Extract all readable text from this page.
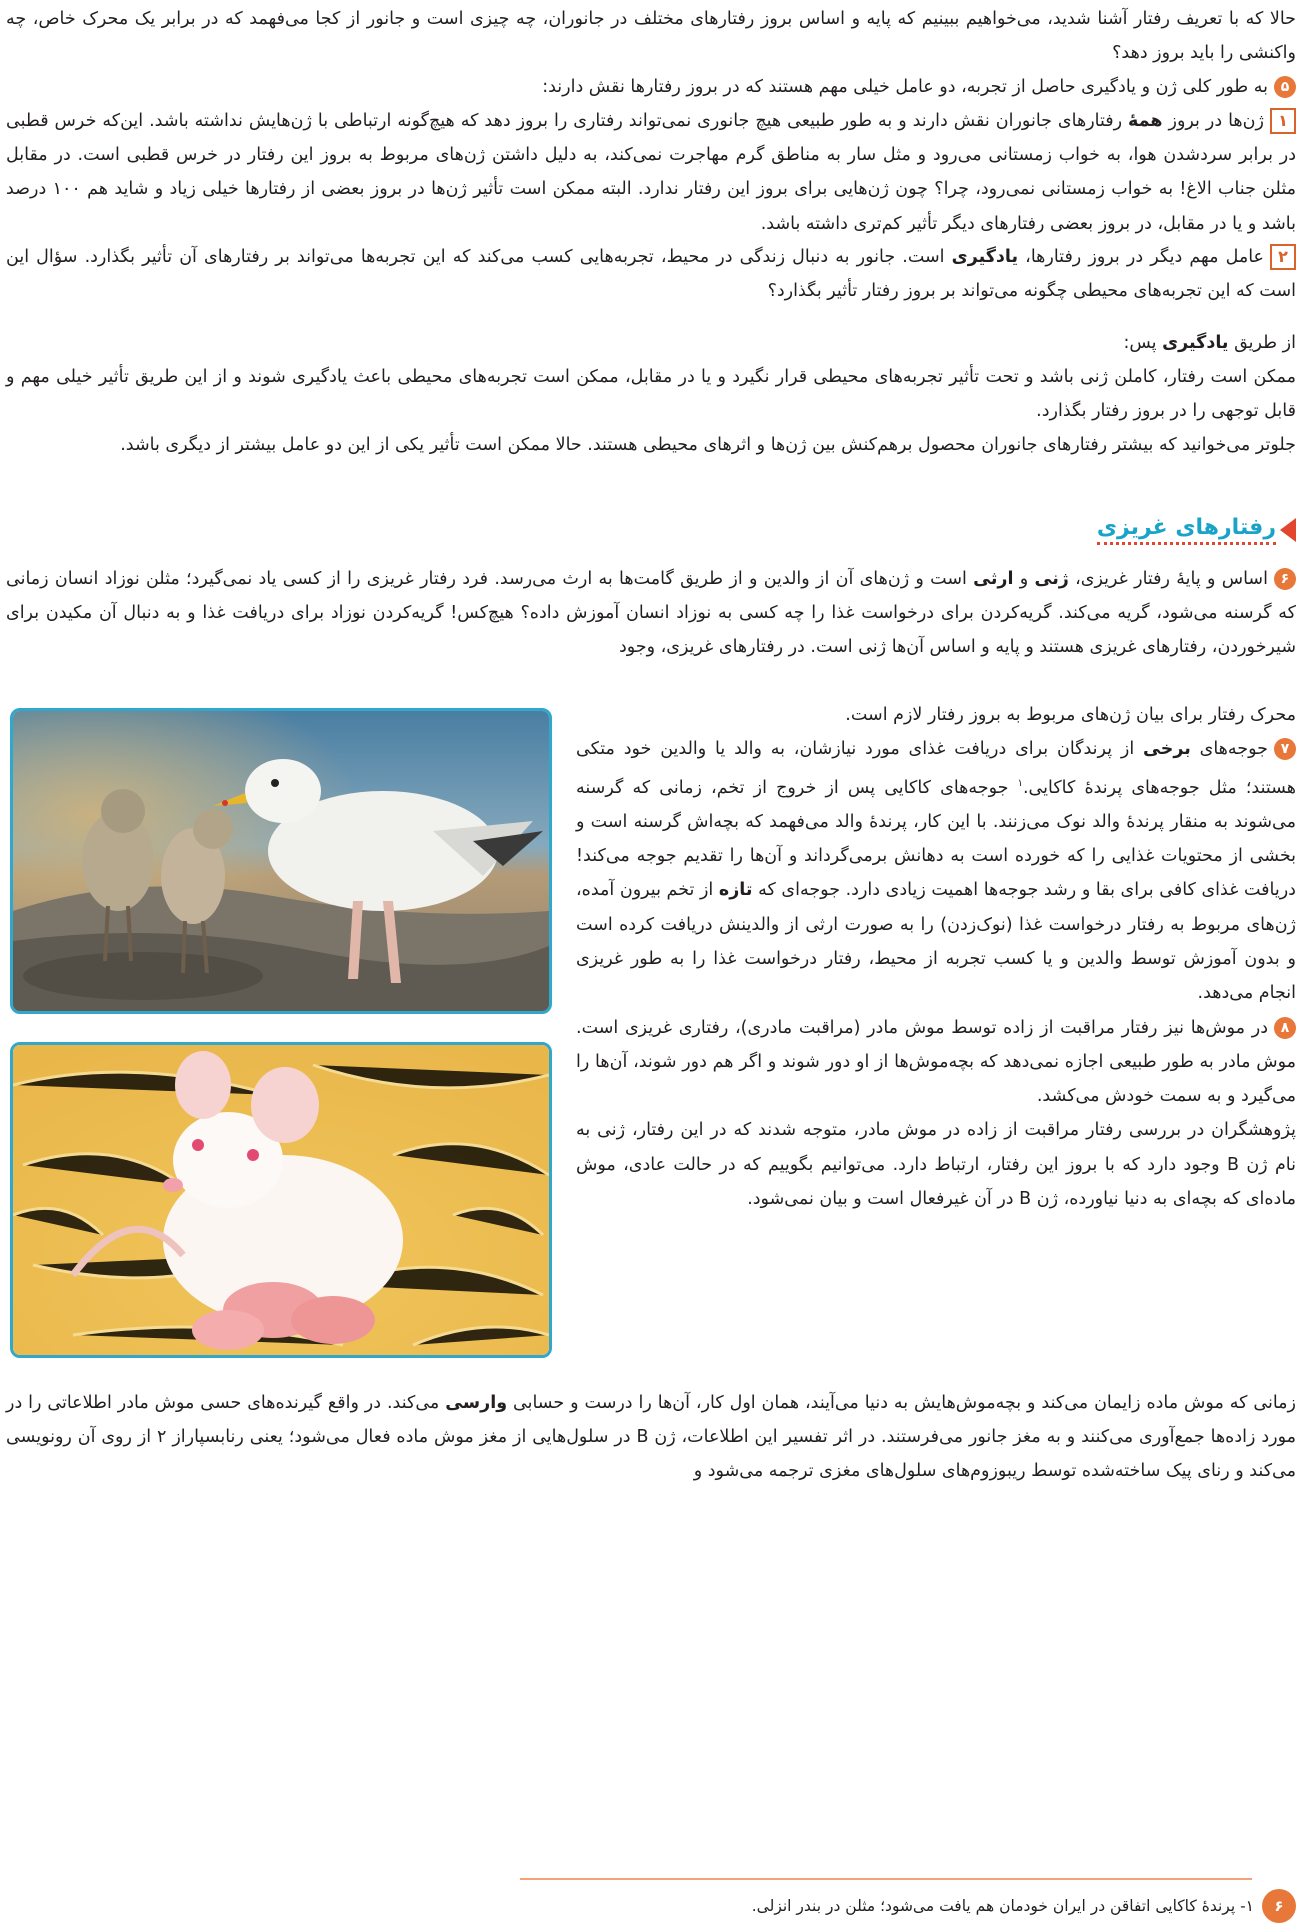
حالا که با تعریف رفتار آشنا شدید، می‌خواهیم ببینیم که پایه و اساس بروز رفتارهای مختلف در جانوران، چه چیزی است و جانور از کجا می‌فهمد که در برابر یک محرک خاص، چه واکنشی را باید بروز دهد؟
۵به طور کلی ژن و یادگیری حاصل از تجربه، دو عامل خیلی مهم هستند که در بروز رفتارها نقش دارند:
۱ژن‌ها در بروز همهٔ رفتارهای جانوران نقش دارند و به طور طبیعی هیچ جانوری نمی‌تواند رفتاری را بروز دهد که هیچ‌گونه ارتباطی با ژن‌هایش نداشته باشد. این‌که خرس قطبی در برابر سردشدن هوا، به خواب زمستانی می‌رود و مثل سار به مناطق گرم مهاجرت نمی‌کند، به دلیل داشتن ژن‌های مربوط به بروز این رفتار در خرس قطبی است. در مقابل مثلن جناب الاغ! به خواب زمستانی نمی‌رود، چرا؟ چون ژن‌هایی برای بروز این رفتار ندارد. البته ممکن است تأثیر ژن‌ها در بروز بعضی از رفتارها خیلی زیاد و شاید هم ۱۰۰ درصد باشد و یا در مقابل، در بروز بعضی رفتارهای دیگر تأثیر کم‌تری داشته باشد.
۲عامل مهم دیگر در بروز رفتارها، یادگیری است. جانور به دنبال زندگی در محیط، تجربه‌هایی کسب می‌کند که این تجربه‌ها می‌تواند بر رفتارهای آن تأثیر بگذارد. سؤال این است که این تجربه‌های محیطی چگونه می‌تواند بر بروز رفتار تأثیر بگذارد؟
از طریق یادگیری پس:
ممکن است رفتار، کاملن ژنی باشد و تحت تأثیر تجربه‌های محیطی قرار نگیرد و یا در مقابل، ممکن است تجربه‌های محیطی باعث یادگیری شوند و از این طریق تأثیر خیلی مهم و قابل توجهی را در بروز رفتار بگذارد.
جلوتر می‌خوانید که بیشتر رفتارهای جانوران محصول برهم‌کنش بین ژن‌ها و اثرهای محیطی هستند. حالا ممکن است تأثیر یکی از این دو عامل بیشتر از دیگری باشد.
رفتارهای غریزی
۶اساس و پایهٔ رفتار غریزی، ژنی و ارثی است و ژن‌های آن از والدین و از طریق گامت‌ها به ارث می‌رسد. فرد رفتار غریزی را از کسی یاد نمی‌گیرد؛ مثلن نوزاد انسان زمانی که گرسنه می‌شود، گریه می‌کند. گریه‌کردن برای درخواست غذا را چه کسی به نوزاد انسان آموزش داده؟ هیچ‌کس! گریه‌کردن نوزاد برای دریافت غذا و به دنبال آن مکیدن برای شیرخوردن، رفتارهای غریزی هستند و پایه و اساس آن‌ها ژنی است. در رفتارهای غریزی، وجود
محرک رفتار برای بیان ژن‌های مربوط به بروز رفتار لازم است.
۷جوجه‌های برخی از پرندگان برای دریافت غذای مورد نیازشان، به والد یا والدین خود متکی هستند؛ مثل جوجه‌های پرندهٔ کاکایی.$^۱$ جوجه‌های کاکایی پس از خروج از تخم، زمانی که گرسنه می‌شوند به منقار پرندهٔ والد نوک می‌زنند. با این کار، پرندهٔ والد می‌فهمد که بچه‌اش گرسنه است و بخشی از محتویات غذایی را که خورده است به دهانش برمی‌گرداند و آن‌ها را تقدیم جوجه می‌کند! دریافت غذای کافی برای بقا و رشد جوجه‌ها اهمیت زیادی دارد. جوجه‌ای که تازه از تخم بیرون آمده، ژن‌های مربوط به رفتار درخواست غذا (نوک‌زدن) را به صورت ارثی از والدینش دریافت کرده است و بدون آموزش توسط والدین و یا کسب تجربه از محیط، رفتار درخواست غذا را به طور غریزی انجام می‌دهد.
۸در موش‌ها نیز رفتار مراقبت از زاده توسط موش مادر (مراقبت مادری)، رفتاری غریزی است. موش مادر به طور طبیعی اجازه نمی‌دهد که بچه‌موش‌ها از او دور شوند و اگر هم دور شوند، آن‌ها را می‌گیرد و به سمت خودش می‌کشد.
پژوهشگران در بررسی رفتار مراقبت از زاده در موش مادر، متوجه شدند که در این رفتار، ژنی به نام ژن B وجود دارد که با بروز این رفتار، ارتباط دارد. می‌توانیم بگوییم که در حالت عادی، موش ماده‌ای که بچه‌ای به دنیا نیاورده، ژن B در آن غیرفعال است و بیان نمی‌شود.
زمانی که موش ماده زایمان می‌کند و بچه‌موش‌هایش به دنیا می‌آیند، همان اول کار، آن‌ها را درست و حسابی وارسی می‌کند. در واقع گیرنده‌های حسی موش مادر اطلاعاتی را در مورد زاده‌ها جمع‌آوری می‌کنند و به مغز جانور می‌فرستند. در اثر تفسیر این اطلاعات، ژن B در سلول‌هایی از مغز موش ماده فعال می‌شود؛ یعنی رنابسپاراز ۲ از روی آن رونویسی می‌کند و رنای پیک ساخته‌شده توسط ریبوزوم‌های سلول‌های مغزی ترجمه می‌شود و
۶
۱- پرندهٔ کاکایی اتفاقن در ایران خودمان هم یافت می‌شود؛ مثلن در بندر انزلی.
